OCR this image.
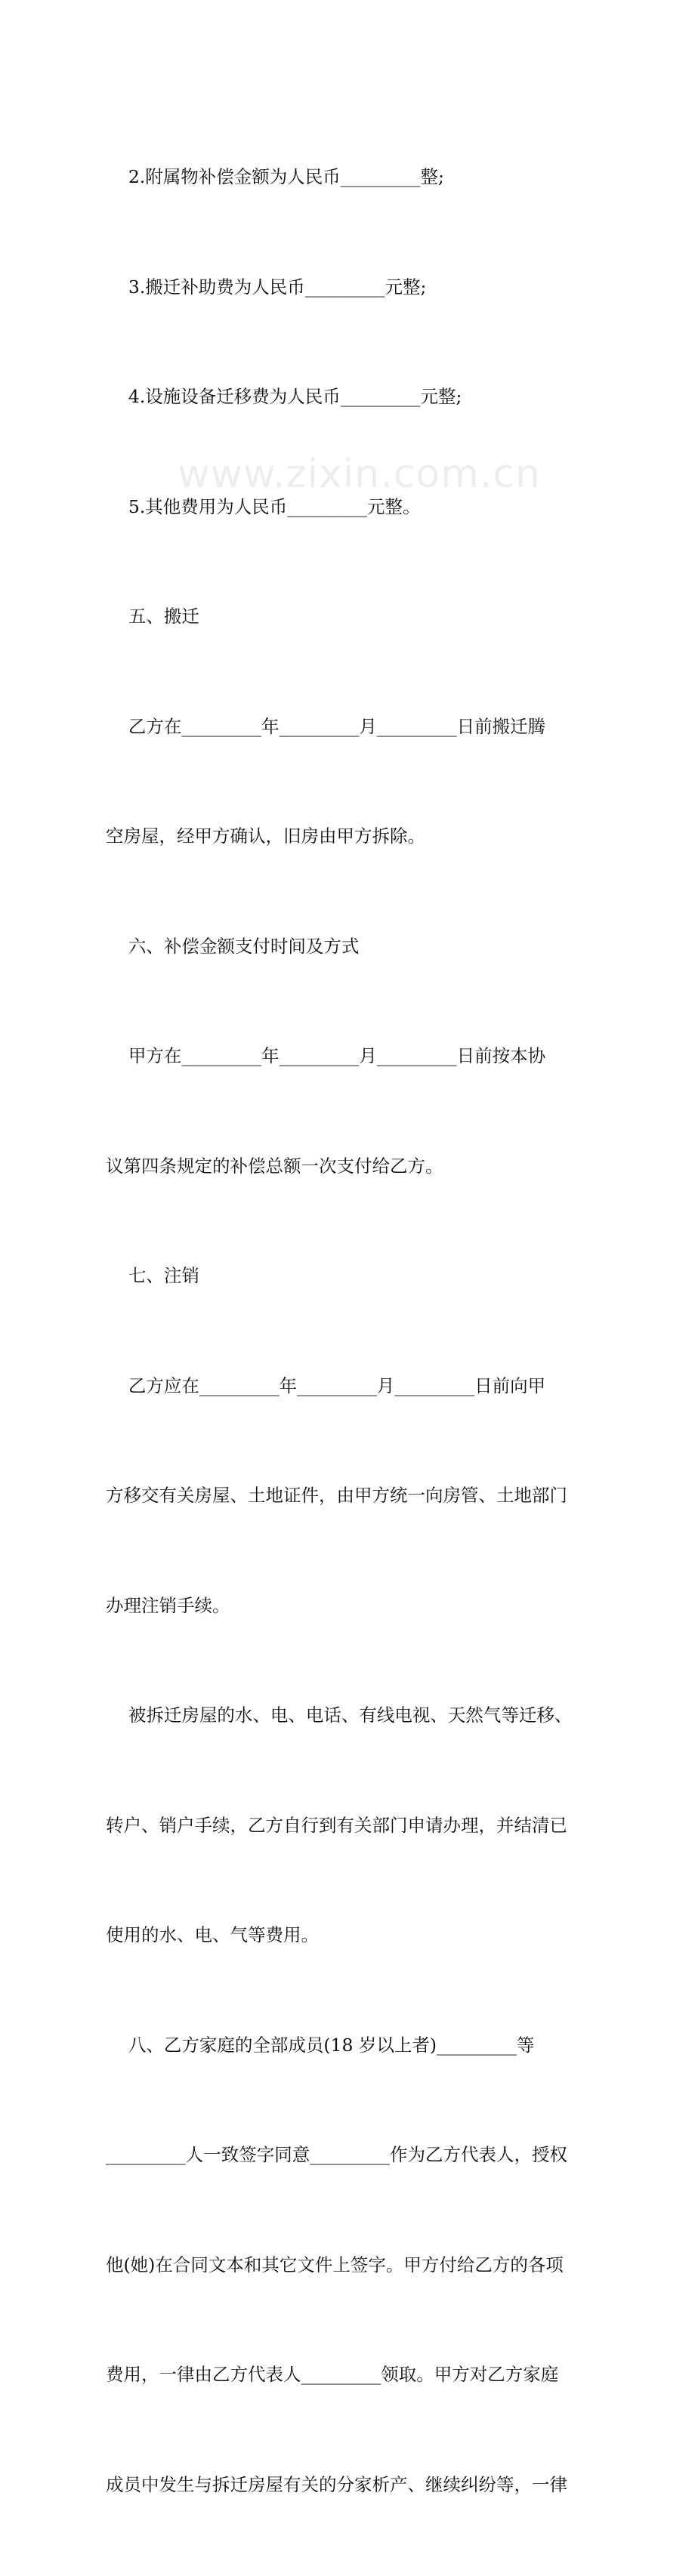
2.附属物补偿金额为人民币_________整;

3.搬迁补助费为人民币_________元整;

4.设施设备迁移费为人民币_________元整;

5.其他费用为人民币_________元整。

五、搬迁

乙方在_________年_________月_________日前搬迁腾

空房屋，经甲方确认，旧房由甲方拆除。

六、补偿金额支付时间及方式

甲方在_________年_________月_________日前按本协

议第四条规定的补偿总额一次支付给乙方。

七、注销

乙方应在_________年_________月_________日前向甲

方移交有关房屋、土地证件，由甲方统一向房管、土地部门

办理注销手续。

被拆迁房屋的水、电、电话、有线电视、天然气等迁移、

转户、销户手续，乙方自行到有关部门申请办理，并结清已

使用的水、电、气等费用。

八、乙方家庭的全部成员(18 岁以上者)_________等

_________人一致签字同意_________作为乙方代表人，授权

他(她)在合同文本和其它文件上签字。甲方付给乙方的各项

费用，一律由乙方代表人_________领取。甲方对乙方家庭

成员中发生与拆迁房屋有关的分家析产、继续纠纷等，一律

www.zixin.com.cn
